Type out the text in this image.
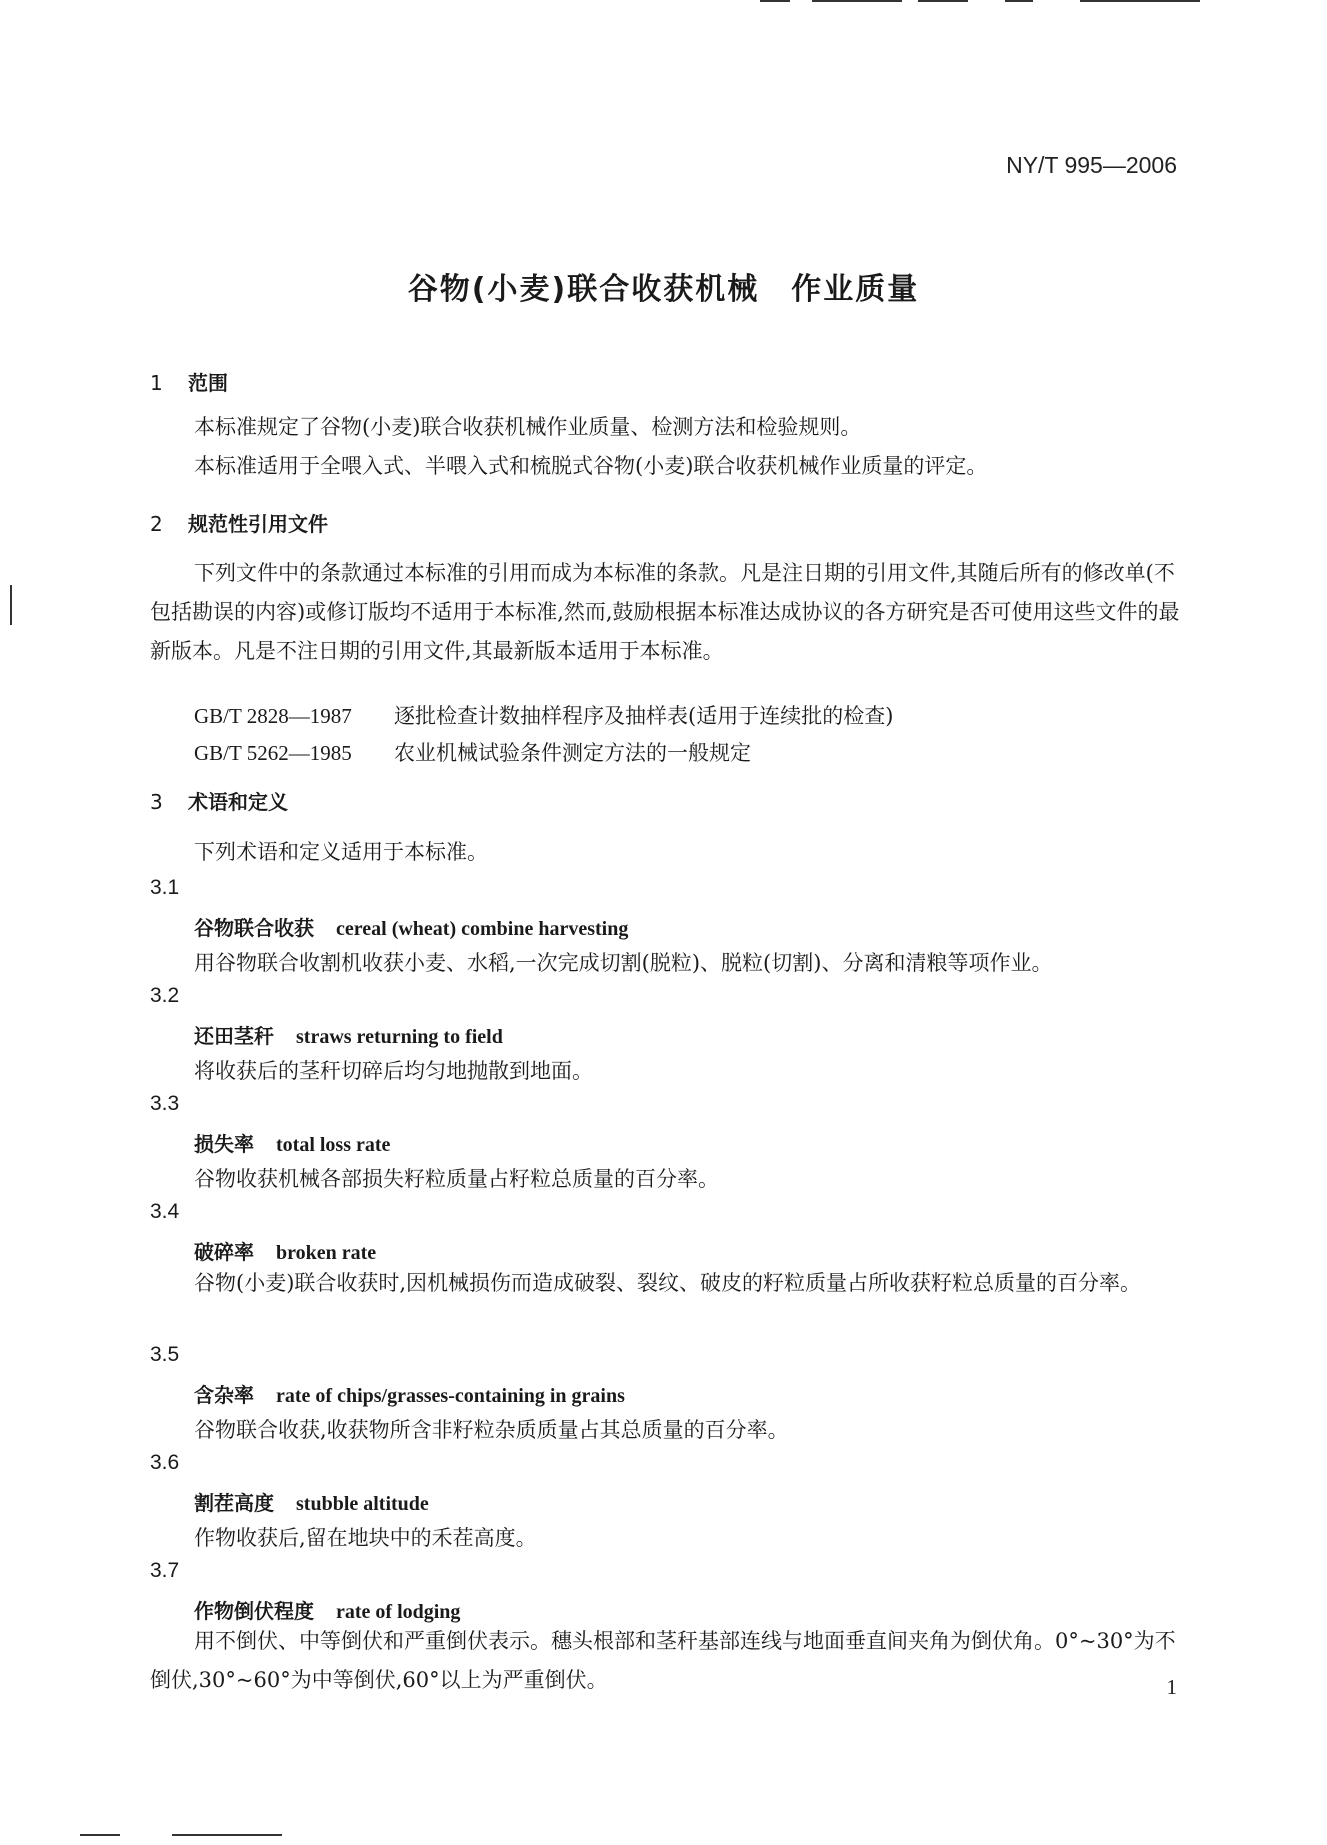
NY/T 995—2006
谷物(小麦)联合收获机械　作业质量
1 范围
本标准规定了谷物(小麦)联合收获机械作业质量、检测方法和检验规则。
本标准适用于全喂入式、半喂入式和梳脱式谷物(小麦)联合收获机械作业质量的评定。
2 规范性引用文件
下列文件中的条款通过本标准的引用而成为本标准的条款。凡是注日期的引用文件,其随后所有的修改单(不包括勘误的内容)或修订版均不适用于本标准,然而,鼓励根据本标准达成协议的各方研究是否可使用这些文件的最新版本。凡是不注日期的引用文件,其最新版本适用于本标准。
GB/T 2828—1987 逐批检查计数抽样程序及抽样表(适用于连续批的检查)
GB/T 5262—1985 农业机械试验条件测定方法的一般规定
3 术语和定义
下列术语和定义适用于本标准。
3.1
谷物联合收获 cereal (wheat) combine harvesting
用谷物联合收割机收获小麦、水稻,一次完成切割(脱粒)、脱粒(切割)、分离和清粮等项作业。
3.2
还田茎秆 straws returning to field
将收获后的茎秆切碎后均匀地抛散到地面。
3.3
损失率 total loss rate
谷物收获机械各部损失籽粒质量占籽粒总质量的百分率。
3.4
破碎率 broken rate
谷物(小麦)联合收获时,因机械损伤而造成破裂、裂纹、破皮的籽粒质量占所收获籽粒总质量的百分率。
3.5
含杂率 rate of chips/grasses-containing in grains
谷物联合收获,收获物所含非籽粒杂质质量占其总质量的百分率。
3.6
割茬高度 stubble altitude
作物收获后,留在地块中的禾茬高度。
3.7
作物倒伏程度 rate of lodging
用不倒伏、中等倒伏和严重倒伏表示。穗头根部和茎秆基部连线与地面垂直间夹角为倒伏角。0°~30°为不倒伏,30°~60°为中等倒伏,60°以上为严重倒伏。	1
